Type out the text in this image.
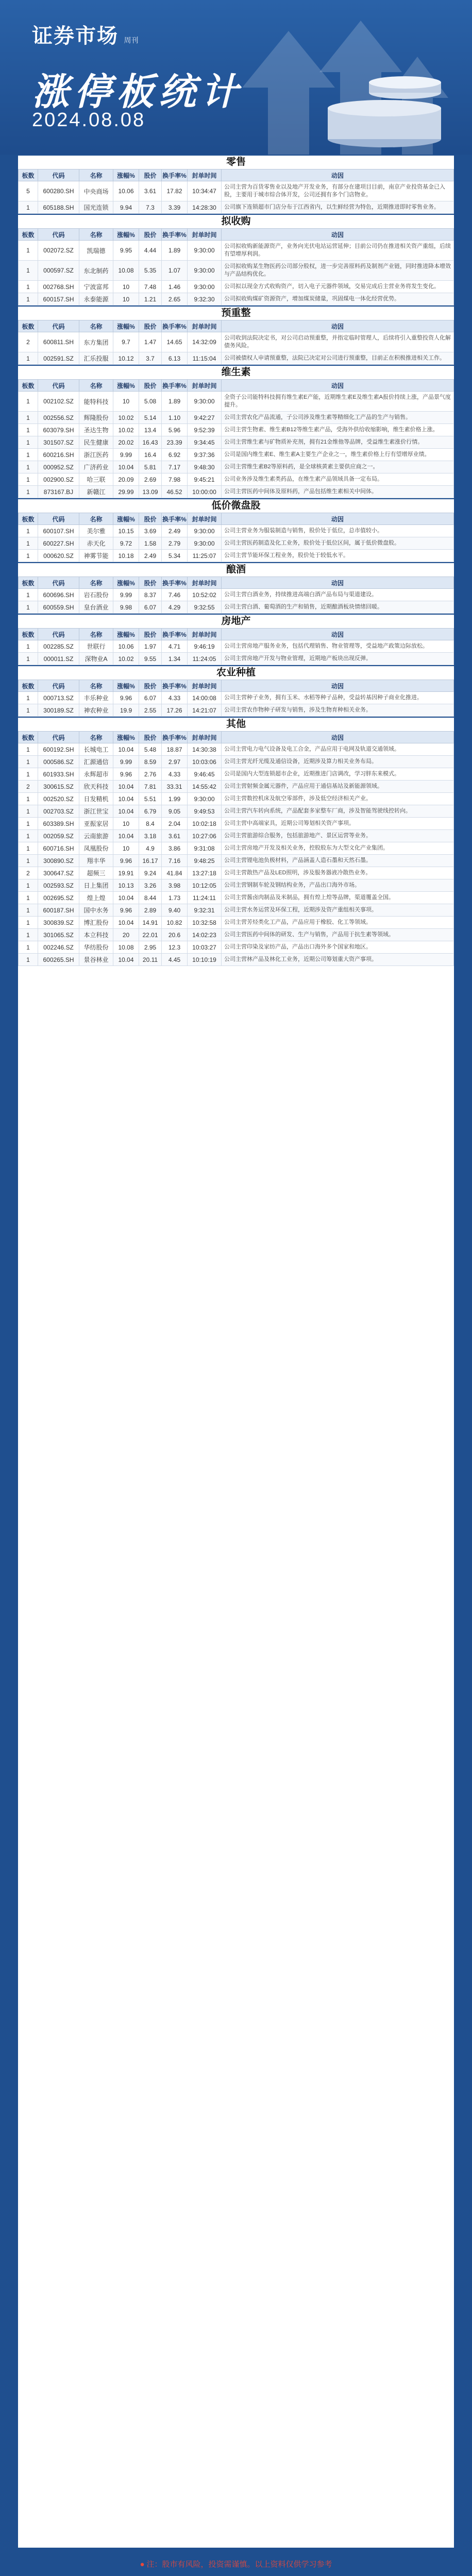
证券市场 周刊
涨停板统计
2024.08.08
零售
板数	代码	名称	涨幅%	股价	换手率%	封单时间	动因
5	600280.SH	中央商场	10.06	3.61	17.82	10:34:47	公司主营为百货零售业以及地产开发业务，有部分在建项目目前，南京产业投资基金已入股，主要用于城市综合体开发，公司还拥有多个门店物业。
1	605188.SH	国光连锁	9.94	7.3	3.39	14:28:30	公司旗下连锁超市门店分布于江西省内，以生鲜经营为特色，近期推进即时零售业务。
拟收购
板数	代码	名称	涨幅%	股价	换手率%	封单时间	动因
1	002072.SZ	凯瑞德	9.95	4.44	1.89	9:30:00	公司拟收购新能源资产，业务向光伏电站运营延伸；目前公司仍在推进相关资产重组，后续有望增厚利润。
1	000597.SZ	东北制药	10.08	5.35	1.07	9:30:00	公司拟收购某生物医药公司部分股权，进一步完善原料药及制剂产业链，同时推进降本增效与产品结构优化。
1	002768.SH	宁波富邦	10	7.48	1.46	9:30:00	公司拟以现金方式收购资产，切入电子元器件领域，交易完成后主营业务将发生变化。
1	600157.SH	永泰能源	10	1.21	2.65	9:32:30	公司拟收购煤矿资源资产，增加煤炭储量，巩固煤电一体化经营优势。
预重整
板数	代码	名称	涨幅%	股价	换手率%	封单时间	动因
2	600811.SH	东方集团	9.7	1.47	14.65	14:32:09	公司收到法院决定书，对公司启动预重整，并指定临时管理人，后续将引入重整投资人化解债务风险。
1	002591.SZ	汇乐投服	10.12	3.7	6.13	11:15:04	公司被债权人申请预重整，法院已决定对公司进行预重整，目前正在积极推进相关工作。
维生素
板数	代码	名称	涨幅%	股价	换手率%	封单时间	动因
1	002102.SZ	能特科技	10	5.08	1.89	9:30:00	全资子公司能特科技拥有维生素E产能，近期维生素E及维生素A报价持续上涨，产品景气度提升。
1	002556.SZ	辉隆股份	10.02	5.14	1.10	9:42:27	公司主营农化产品流通，子公司涉及维生素等精细化工产品的生产与销售。
1	603079.SH	圣达生物	10.02	13.4	5.96	9:52:39	公司主营生物素、维生素B12等维生素产品，受海外供给收缩影响，维生素价格上涨。
1	301507.SZ	民生健康	20.02	16.43	23.39	9:34:45	公司主营维生素与矿物质补充剂，拥有21金维他等品牌，受益维生素涨价行情。
1	600216.SH	浙江医药	9.99	16.4	6.92	9:37:36	公司是国内维生素E、维生素A主要生产企业之一，维生素价格上行有望增厚业绩。
1	000952.SZ	广济药业	10.04	5.81	7.17	9:48:30	公司主营维生素B2等原料药，是全球核黄素主要供应商之一。
1	002900.SZ	哈三联	20.09	2.69	7.98	9:45:21	公司业务涉及维生素类药品，在维生素产品领域具备一定布局。
1	873167.BJ	新赣江	29.99	13.09	46.52	10:00:00	公司主营医药中间体及原料药，产品包括维生素相关中间体。
低价微盘股
板数	代码	名称	涨幅%	股价	换手率%	封单时间	动因
1	600107.SH	美尔雅	10.15	3.69	2.49	9:30:00	公司主营业务为服装制造与销售，股价处于低位，总市值较小。
1	600227.SH	赤天化	9.72	1.58	2.79	9:30:00	公司主营医药制造及化工业务，股价处于低位区间，属于低价微盘股。
1	000620.SZ	神雾节能	10.18	2.49	5.34	11:25:07	公司主营节能环保工程业务，股价处于较低水平。
酿酒
板数	代码	名称	涨幅%	股价	换手率%	封单时间	动因
1	600696.SH	岩石股份	9.99	8.37	7.46	10:52:02	公司主营白酒业务，持续推进高端白酒产品布局与渠道建设。
1	600559.SH	皇台酒业	9.98	6.07	4.29	9:32:55	公司主营白酒、葡萄酒的生产和销售，近期酿酒板块情绪回暖。
房地产
板数	代码	名称	涨幅%	股价	换手率%	封单时间	动因
1	002285.SZ	世联行	10.06	1.97	4.71	9:46:19	公司主营房地产服务业务，包括代理销售、物业管理等，受益地产政策边际放松。
1	000011.SZ	深物业A	10.02	9.55	1.34	11:24:05	公司主营房地产开发与物业管理，近期地产板块出现反弹。
农业种植
板数	代码	名称	涨幅%	股价	换手率%	封单时间	动因
1	000713.SZ	丰乐种业	9.96	6.07	4.33	14:00:08	公司主营种子业务，拥有玉米、水稻等种子品种，受益转基因种子商业化推进。
1	300189.SZ	神农种业	19.9	2.55	17.26	14:21:07	公司主营农作物种子研发与销售，涉及生物育种相关业务。
其他
板数	代码	名称	涨幅%	股价	换手率%	封单时间	动因
1	600192.SH	长城电工	10.04	5.48	18.87	14:30:38	公司主营电力电气设备及电工合金，产品应用于电网及轨道交通领域。
1	000586.SZ	汇源通信	9.99	8.59	2.97	10:03:06	公司主营光纤光缆及通信设备，近期涉及算力相关业务布局。
1	601933.SH	永辉超市	9.96	2.76	4.33	9:46:45	公司是国内大型连锁超市企业，近期推进门店调改，学习胖东来模式。
2	300615.SZ	欣天科技	10.04	7.81	33.31	14:55:42	公司主营射频金属元器件，产品应用于通信基站及新能源领域。
1	002520.SZ	日发精机	10.04	5.51	1.99	9:30:00	公司主营数控机床及航空零部件，涉及低空经济相关产业。
1	002703.SZ	浙江世宝	10.04	6.79	9.05	9:49:53	公司主营汽车转向系统，产品配套多家整车厂商，涉及智能驾驶线控转向。
1	603389.SH	亚振家居	10	8.4	2.04	10:02:18	公司主营中高端家具，近期公司筹划相关资产事项。
1	002059.SZ	云南旅游	10.04	3.18	3.61	10:27:06	公司主营旅游综合服务，包括旅游地产、景区运营等业务。
1	600716.SH	凤凰股份	10	4.9	3.86	9:31:08	公司主营房地产开发及相关业务，控股股东为大型文化产业集团。
1	300890.SZ	翔丰华	9.96	16.17	7.16	9:48:25	公司主营锂电池负极材料，产品涵盖人造石墨和天然石墨。
2	300647.SZ	超频三	19.91	9.24	41.84	13:27:18	公司主营散热产品及LED照明，涉及服务器液冷散热业务。
1	002593.SZ	日上集团	10.13	3.26	3.98	10:12:05	公司主营钢制车轮及钢结构业务，产品出口海外市场。
1	002695.SZ	煌上煌	10.04	8.44	1.73	11:24:11	公司主营酱卤肉制品及米制品，拥有煌上煌等品牌，渠道覆盖全国。
1	600187.SH	国中水务	9.96	2.89	9.40	9:32:31	公司主营水务运营及环保工程，近期涉及资产重组相关事项。
1	300839.SZ	博汇股份	10.04	14.91	10.82	10:32:58	公司主营芳烃类化工产品，产品应用于橡胶、化工等领域。
1	301065.SZ	本立科技	20	22.01	20.6	14:02:23	公司主营医药中间体的研发、生产与销售，产品用于抗生素等领域。
1	002246.SZ	华纺股份	10.08	2.95	12.3	10:03:27	公司主营印染及家纺产品，产品出口海外多个国家和地区。
1	600265.SH	景谷林业	10.04	20.11	4.45	10:10:19	公司主营林产品及林化工业务，近期公司筹划重大资产事项。
● 注：股市有风险，投资需谨慎。以上资料仅供学习参考
